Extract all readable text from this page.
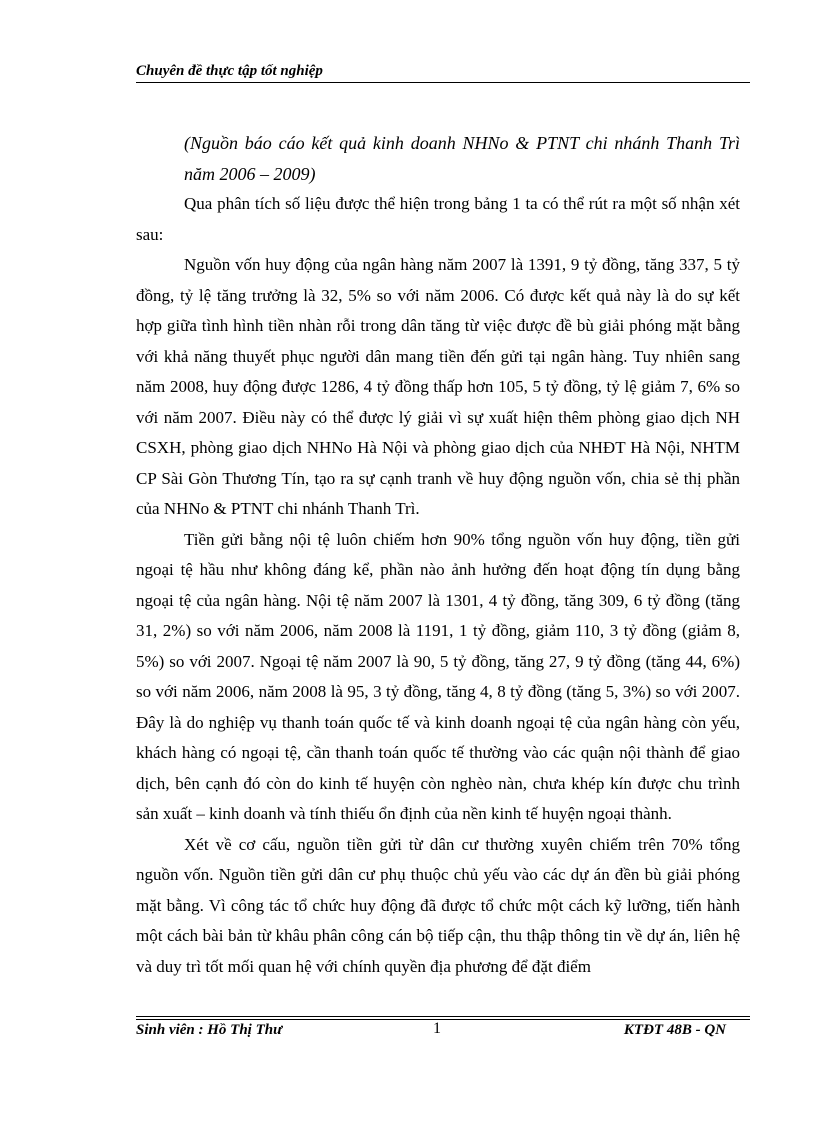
Chuyên đề thực tập tốt nghiệp

(Nguồn báo cáo kết quả kinh doanh NHNo & PTNT chi nhánh Thanh Trì năm 2006 – 2009)

Qua phân tích số liệu được thể hiện trong bảng 1 ta có thể rút ra một số nhận xét sau:

Nguồn vốn huy động của ngân hàng năm 2007 là 1391, 9 tỷ đồng, tăng 337, 5 tỷ đồng, tỷ lệ tăng trưởng là 32, 5% so với năm 2006. Có được kết quả này là do sự kết hợp giữa tình hình tiền nhàn rỗi trong dân tăng từ việc được đề bù giải phóng mặt bằng với khả năng thuyết phục người dân mang tiền đến gửi tại ngân hàng. Tuy nhiên sang năm 2008, huy động được 1286, 4 tỷ đồng thấp hơn 105, 5 tỷ đồng, tỷ lệ giảm 7, 6% so với năm 2007. Điều này có thể được lý giải vì sự xuất hiện thêm phòng giao dịch NH CSXH, phòng giao dịch NHNo Hà Nội và phòng giao dịch của NHĐT Hà Nội, NHTM CP Sài Gòn Thương Tín, tạo ra sự cạnh tranh về huy động nguồn vốn, chia sẻ thị phần của NHNo & PTNT chi nhánh Thanh Trì.

Tiền gửi bằng nội tệ luôn chiếm hơn 90% tổng nguồn vốn huy động, tiền gửi ngoại tệ hầu như không đáng kể, phần nào ảnh hưởng đến hoạt động tín dụng bằng ngoại tệ của ngân hàng. Nội tệ năm 2007 là 1301, 4 tỷ đồng, tăng 309, 6 tỷ đồng (tăng 31, 2%) so với năm 2006, năm 2008 là 1191, 1 tỷ đồng, giảm 110, 3 tỷ đồng (giảm 8, 5%) so với 2007. Ngoại tệ năm 2007 là 90, 5 tỷ đồng, tăng 27, 9 tỷ đồng (tăng 44, 6%) so với năm 2006, năm 2008 là 95, 3 tỷ đồng, tăng 4, 8 tỷ đồng (tăng 5, 3%) so với 2007. Đây là do nghiệp vụ thanh toán quốc tế và kinh doanh ngoại tệ của ngân hàng còn yếu, khách hàng có ngoại tệ, cần thanh toán quốc tế thường vào các quận nội thành để giao dịch, bên cạnh đó còn do kinh tế huyện còn nghèo nàn, chưa khép kín được chu trình sản xuất – kinh doanh và tính thiếu ổn định của nền kinh tế huyện ngoại thành.

Xét về cơ cấu, nguồn tiền gửi từ dân cư thường xuyên chiếm trên 70% tổng nguồn vốn. Nguồn tiền gửi dân cư phụ thuộc chủ yếu vào các dự án đền bù giải phóng mặt bằng. Vì công tác tổ chức huy động đã được tổ chức một cách kỹ lưỡng, tiến hành một cách bài bản từ khâu phân công cán bộ tiếp cận, thu thập thông tin về dự án, liên hệ và duy trì tốt mối quan hệ với chính quyền địa phương để đặt điểm

Sinh viên : Hồ Thị Thư	1	KTĐT 48B - QN
